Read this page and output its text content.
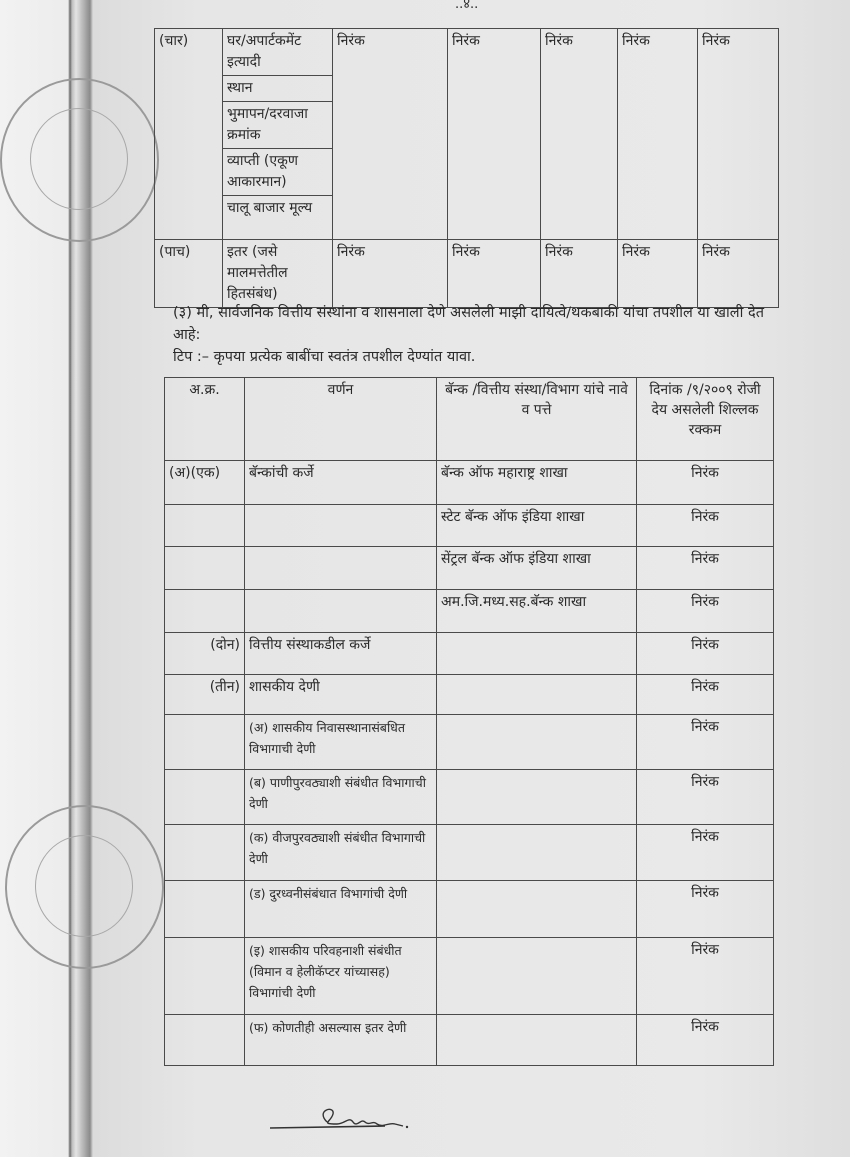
..४..
(चार)	घर/अपार्टकमेंट इत्यादी	निरंक	निरंक	निरंक	निरंक	निरंक
	स्थान					
	भुमापन/दरवाजा क्रमांक					
	व्याप्ती (एकूण आकारमान)					
	चालू बाजार मूल्य					
(पाच)	इतर (जसे मालमत्तेतील हितसंबंध)	निरंक	निरंक	निरंक	निरंक	निरंक
(३) मी, सार्वजनिक वित्तीय संस्थांना व शासनाला देणे असलेली माझी दायित्वे/थकबाकी यांचा तपशील या खाली देत आहे:
टिप :– कृपया प्रत्येक बाबींचा स्वतंत्र तपशील देण्यांत यावा.
अ.क्र.	वर्णन	बॅन्क /वित्तीय संस्था/विभाग यांचे नावे व पत्ते	दिनांक /९/२००९ रोजी देय असलेली शिल्लक रक्कम
(अ)(एक)	बॅन्कांची कर्जे	बॅन्क ऑफ महाराष्ट्र शाखा	निरंक
		स्टेट बॅन्क ऑफ इंडिया शाखा	निरंक
		सेंट्रल बॅन्क ऑफ इंडिया शाखा	निरंक
		अम.जि.मध्य.सह.बॅन्क शाखा	निरंक
(दोन)	वित्तीय संस्थाकडील कर्जे		निरंक
(तीन)	शासकीय देणी		निरंक
	(अ) शासकीय निवासस्थानासंबधित विभागाची देणी		निरंक
	(ब) पाणीपुरवठ्याशी संबंधीत विभागाची देणी		निरंक
	(क) वीजपुरवठ्याशी संबंधीत विभागाची देणी		निरंक
	(ड) दुरध्वनीसंबंधात विभागांची देणी		निरंक
	(इ) शासकीय परिवहनाशी संबंधीत (विमान व हेलीकॅप्टर यांच्यासह) विभागांची देणी		निरंक
	(फ) कोणतीही असल्यास इतर देणी		निरंक
